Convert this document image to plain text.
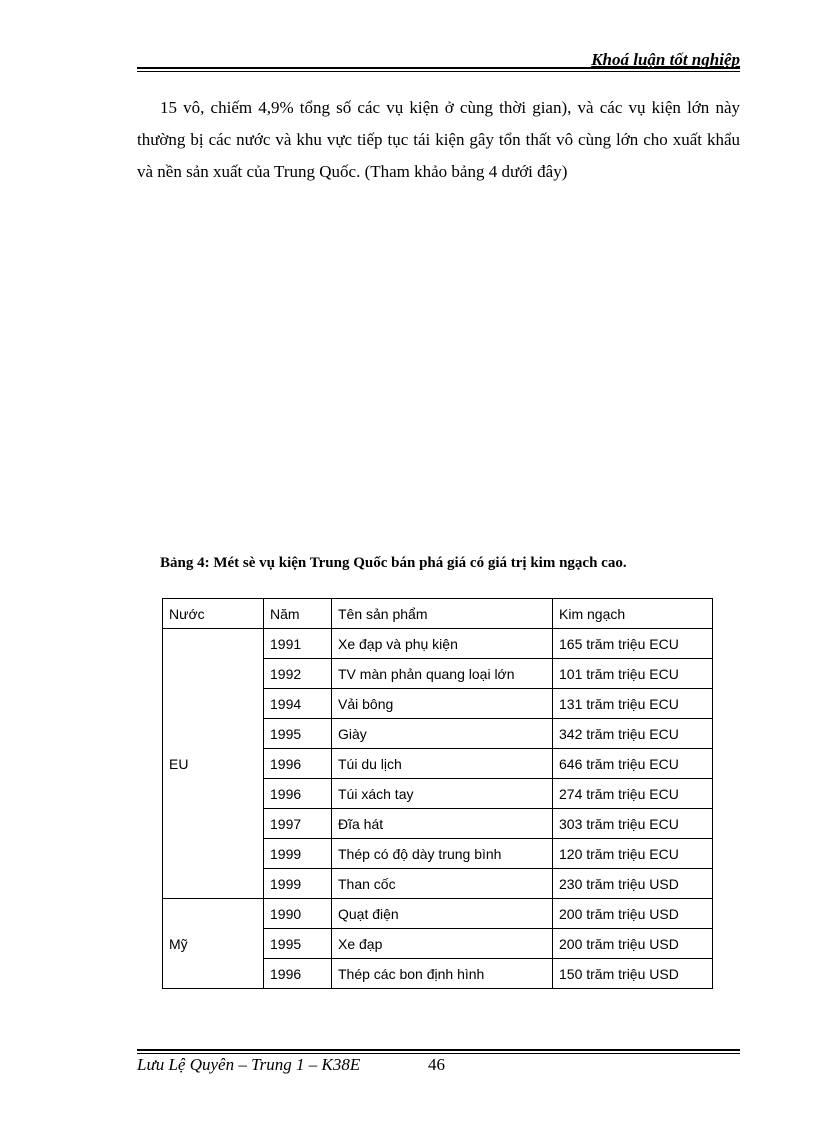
Khoá luận tốt nghiệp

15 vô, chiếm 4,9% tổng số các vụ kiện ở cùng thời gian), và các vụ kiện lớn này thường bị các nước và khu vực tiếp tục tái kiện gây tổn thất vô cùng lớn cho xuất khẩu và nền sản xuất của Trung Quốc. (Tham khảo bảng 4 dưới đây)

Bảng 4: Mét sè vụ kiện Trung Quốc bán phá giá có giá trị kim ngạch cao.

Nước	Năm	Tên sản phẩm	Kim ngạch
EU	1991	Xe đạp và phụ kiện	165 trăm triệu ECU
	1992	TV màn phản quang loại lớn	101 trăm triệu ECU
	1994	Vải bông	131 trăm triệu ECU
	1995	Giày	342 trăm triệu ECU
	1996	Túi du lịch	646 trăm triệu ECU
	1996	Túi xách tay	274 trăm triệu ECU
	1997	Đĩa hát	303 trăm triệu ECU
	1999	Thép có độ dày trung bình	120 trăm triệu ECU
	1999	Than cốc	230 trăm triệu USD
Mỹ	1990	Quạt điện	200 trăm triệu USD
	1995	Xe đạp	200 trăm triệu USD
	1996	Thép các bon định hình	150 trăm triệu USD
Lưu Lệ Quyên – Trung 1 – K38E	46
